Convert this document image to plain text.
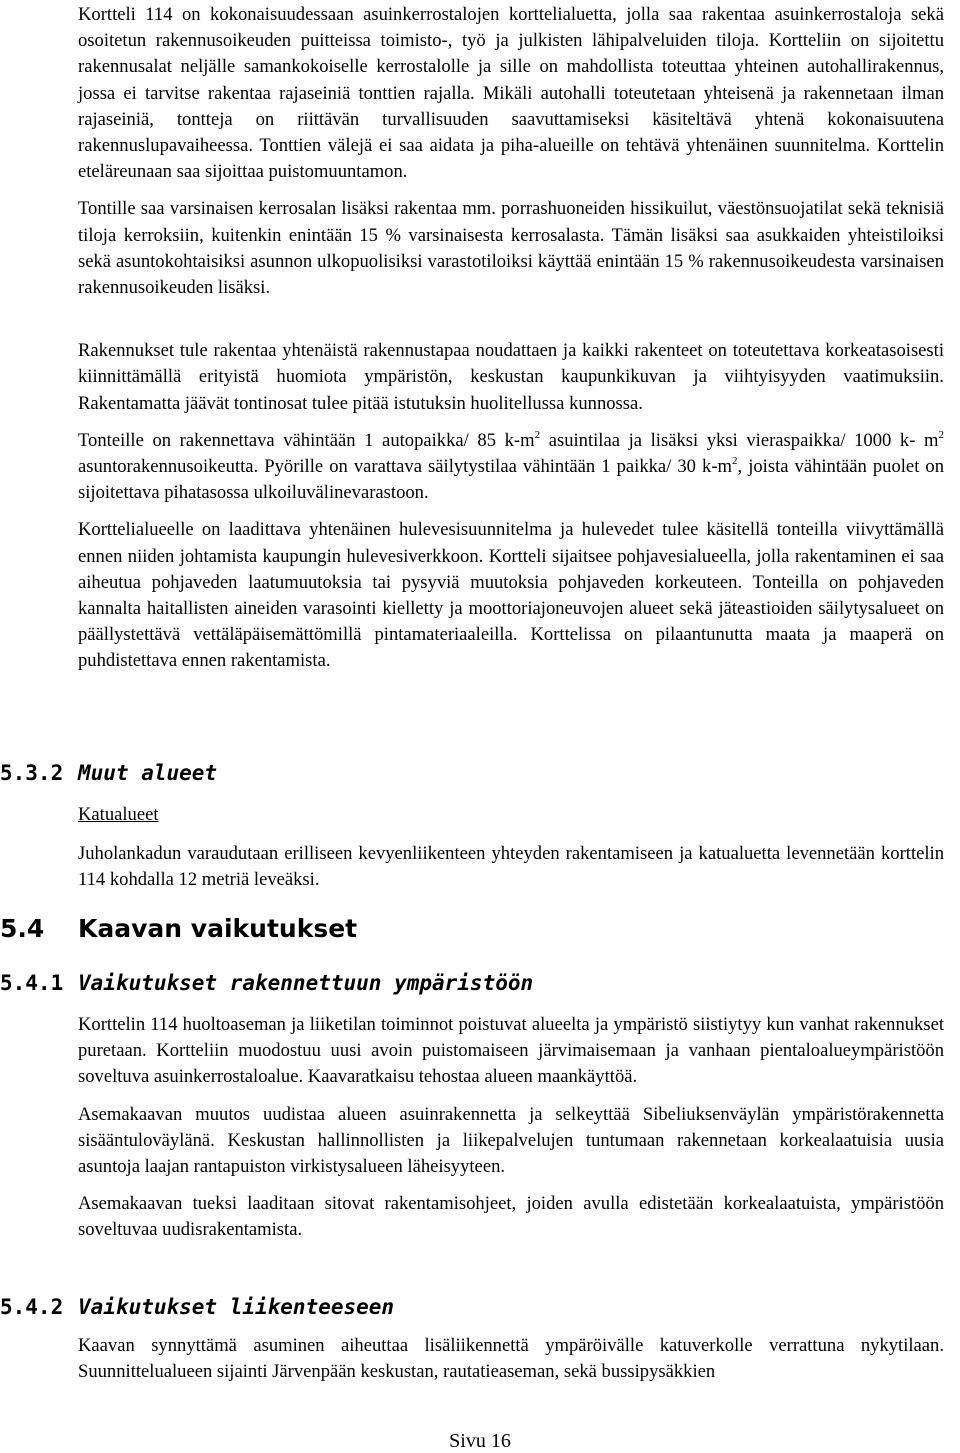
Kortteli 114 on kokonaisuudessaan asuinkerrostalojen korttelialuetta, jolla saa rakentaa asuinkerrostaloja sekä osoitetun rakennusoikeuden puitteissa toimisto-, työ ja julkisten lähipalveluiden tiloja. Kortteliin on sijoitettu rakennusalat neljälle samankokoiselle kerrostalolle ja sille on mahdollista toteuttaa yhteinen autohallirakennus, jossa ei tarvitse rakentaa rajaseiniä tonttien rajalla. Mikäli autohalli toteutetaan yhteisenä ja rakennetaan ilman rajaseiniä, tontteja on riittävän turvallisuuden saavuttamiseksi käsiteltävä yhtenä kokonaisuutena rakennuslupavaiheessa. Tonttien välejä ei saa aidata ja piha-alueille on tehtävä yhtenäinen suunnitelma. Korttelin eteläreunaan saa sijoittaa puistomuuntamon.

Tontille saa varsinaisen kerrosalan lisäksi rakentaa mm. porrashuoneiden hissikuilut, väestönsuojatilat sekä teknisiä tiloja kerroksiin, kuitenkin enintään 15 % varsinaisesta kerrosalasta. Tämän lisäksi saa asukkaiden yhteistiloiksi sekä asuntokohtaisiksi asunnon ulkopuolisiksi varastotiloiksi käyttää enintään 15 % rakennusoikeudesta varsinaisen rakennusoikeuden lisäksi.

Rakennukset tule rakentaa yhtenäistä rakennustapaa noudattaen ja kaikki rakenteet on toteutettava korkeatasoisesti kiinnittämällä erityistä huomiota ympäristön, keskustan kaupunkikuvan ja viihtyisyyden vaatimuksiin. Rakentamatta jäävät tontinosat tulee pitää istutuksin huolitellussa kunnossa.

Tonteille on rakennettava vähintään 1 autopaikka/ 85 $k-m^2$ asuintilaa ja lisäksi yksi vieraspaikka/ 1000 k- $m^2$ asuntorakennusoikeutta. Pyörille on varattava säilytystilaa vähintään 1 paikka/ 30 $k-m^2$, joista vähintään puolet on sijoitettava pihatasossa ulkoiluvälinevarastoon.

Korttelialueelle on laadittava yhtenäinen hulevesisuunnitelma ja hulevedet tulee käsitellä tonteilla viivyttämällä ennen niiden johtamista kaupungin hulevesiverkkoon. Kortteli sijaitsee pohjavesialueella, jolla rakentaminen ei saa aiheutua pohjaveden laatumuutoksia tai pysyviä muutoksia pohjaveden korkeuteen. Tonteilla on pohjaveden kannalta haitallisten aineiden varasointi kielletty ja moottoriajoneuvojen alueet sekä jäteastioiden säilytysalueet on päällystettävä vettäläpäisemättömillä pintamateriaaleilla. Korttelissa on pilaantunutta maata ja maaperä on puhdistettava ennen rakentamista.

5.3.2 Muut alueet

Katualueet

Juholankadun varaudutaan erilliseen kevyenliikenteen yhteyden rakentamiseen ja katualuetta levennetään korttelin 114 kohdalla 12 metriä leveäksi.

5.4 Kaavan vaikutukset
5.4.1 Vaikutukset rakennettuun ympäristöön

Korttelin 114 huoltoaseman ja liiketilan toiminnot poistuvat alueelta ja ympäristö siistiytyy kun vanhat rakennukset puretaan. Kortteliin muodostuu uusi avoin puistomaiseen järvimaisemaan ja vanhaan pientaloalueympäristöön soveltuva asuinkerrostaloalue. Kaavaratkaisu tehostaa alueen maankäyttöä.

Asemakaavan muutos uudistaa alueen asuinrakennetta ja selkeyttää Sibeliuksenväylän ympäristörakennetta sisääntuloväylänä. Keskustan hallinnollisten ja liikepalvelujen tuntumaan rakennetaan korkealaatuisia uusia asuntoja laajan rantapuiston virkistysalueen läheisyyteen.

Asemakaavan tueksi laaditaan sitovat rakentamisohjeet, joiden avulla edistetään korkealaatuista, ympäristöön soveltuvaa uudisrakentamista.

5.4.2 Vaikutukset liikenteeseen

Kaavan synnyttämä asuminen aiheuttaa lisäliikennettä ympäröivälle katuverkolle verrattuna nykytilaan. Suunnittelualueen sijainti Järvenpään keskustan, rautatieaseman, sekä bussipysäkkien

Sivu 16
